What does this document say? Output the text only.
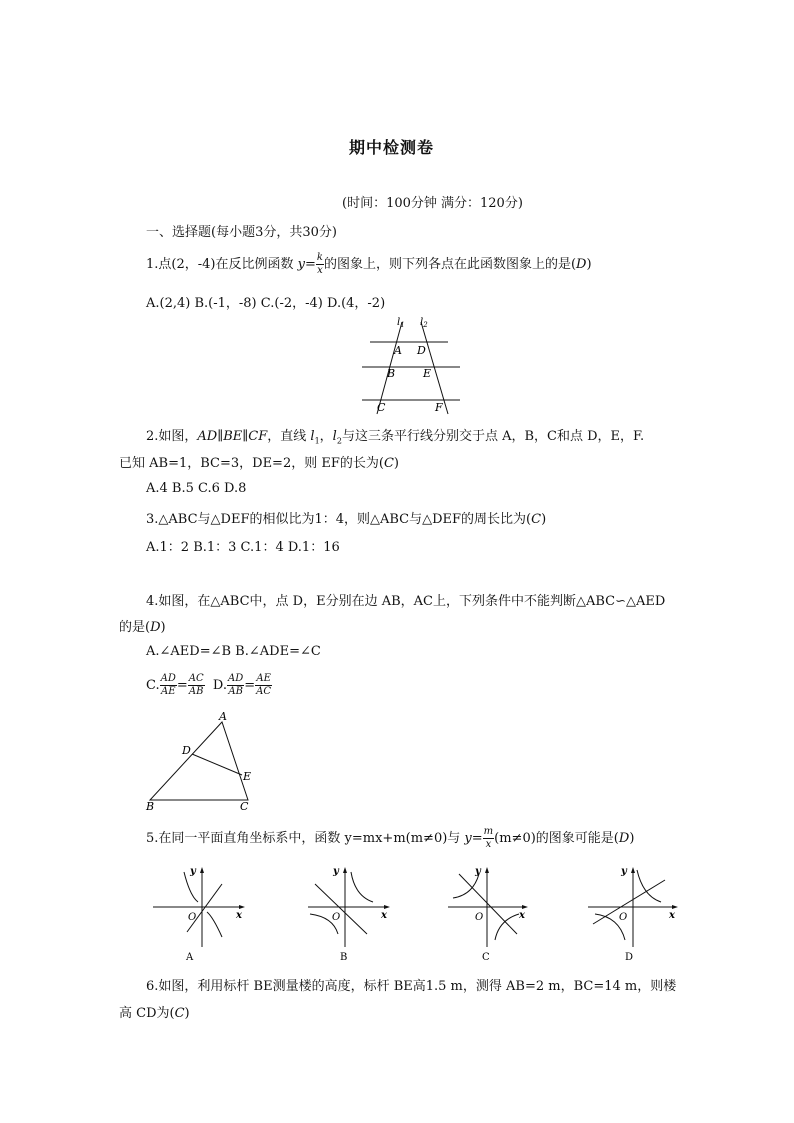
期中检测卷
(时间：100分钟 满分：120分)
一、选择题(每小题3分，共30分)
1.点(2，-4)在反比例函数 $y= \frac{k}{x}$ 的图象上，则下列各点在此函数图象上的是(D)
A.(2,4) B.(-1，-8) C.(-2，-4) D.(4，-2)
$l_1$ $l_2$
A D
B	E
C	F
2.如图，AD∥BE∥CF，直线 $l_1$，$l_2$与这三条平行线分别交于点 A，B，C和点 D，E，F.
已知 AB=1，BC=3，DE=2，则 EF的长为(C)
A.4 B.5 C.6 D.8
3.△ABC与△DEF的相似比为1：4，则△ABC与△DEF的周长比为(C)
A.1：2 B.1：3 C.1：4 D.1：16
4.如图，在△ABC中，点 D，E分别在边 AB，AC上，下列条件中不能判断△ABC∽△AED
的是(D)
A.∠AED=∠B B.∠ADE=∠C
C. $\frac{AD}{AE} = \frac{AC}{AB} D$. $\frac{AD}{AB} = \frac{AE}{AC}$
A
D
E
B	C
5.在同一平面直角坐标系中，函数 y=mx+m(m≠0)与 $y= \frac{m}{x} (m\ne 0)$的图象可能是(D)
y
x
O
A
y
x
O
B
y
x
O
C
y
x
O
D
6.如图，利用标杆 BE测量楼的高度，标杆 BE高1.5 m，测得 AB=2 m，BC=14 m，则楼
高 CD为(C)
